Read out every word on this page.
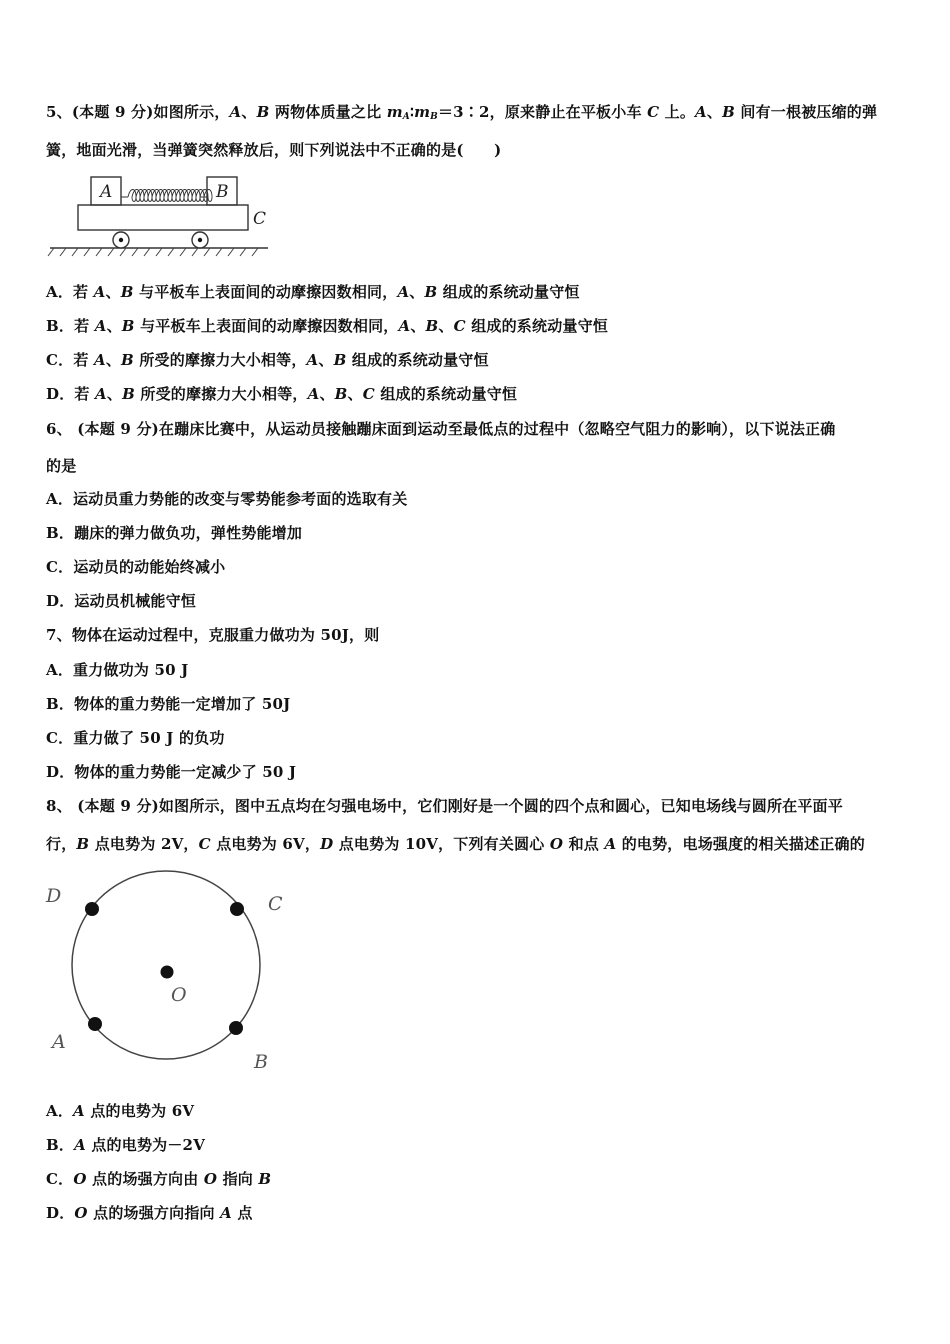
5、(本题 9 分)如图所示，A、B 两物体质量之比 $m_A∶m_B=3∶2$，原来静止在平板小车 C 上。A、B 间有一根被压缩的弹
簧，地面光滑，当弹簧突然释放后，则下列说法中不正确的是(　　)
A	B
C
A．若 A、B 与平板车上表面间的动摩擦因数相同，A、B 组成的系统动量守恒
B．若 A、B 与平板车上表面间的动摩擦因数相同，A、B、C 组成的系统动量守恒
C．若 A、B 所受的摩擦力大小相等，A、B 组成的系统动量守恒
D．若 A、B 所受的摩擦力大小相等，A、B、C 组成的系统动量守恒
6、 (本题 9 分)在蹦床比赛中，从运动员接触蹦床面到运动至最低点的过程中（忽略空气阻力的影响），以下说法正确
的是
A．运动员重力势能的改变与零势能参考面的选取有关
B．蹦床的弹力做负功，弹性势能增加
C．运动员的动能始终减小
D．运动员机械能守恒
7、物体在运动过程中，克服重力做功为 50J，则
A．重力做功为 50 J
B．物体的重力势能一定增加了 50J
C．重力做了 50 J 的负功
D．物体的重力势能一定减少了 50 J
8、 (本题 9 分)如图所示，图中五点均在匀强电场中，它们刚好是一个圆的四个点和圆心，已知电场线与圆所在平面平
行，B 点电势为 2V，C 点电势为 6V，D 点电势为 10V，下列有关圆心 O 和点 A 的电势，电场强度的相关描述正确的
D	C
O
A
B
A．A 点的电势为 6V
B．A 点的电势为－2V
C．O 点的场强方向由 O 指向 B
D．O 点的场强方向指向 A 点
